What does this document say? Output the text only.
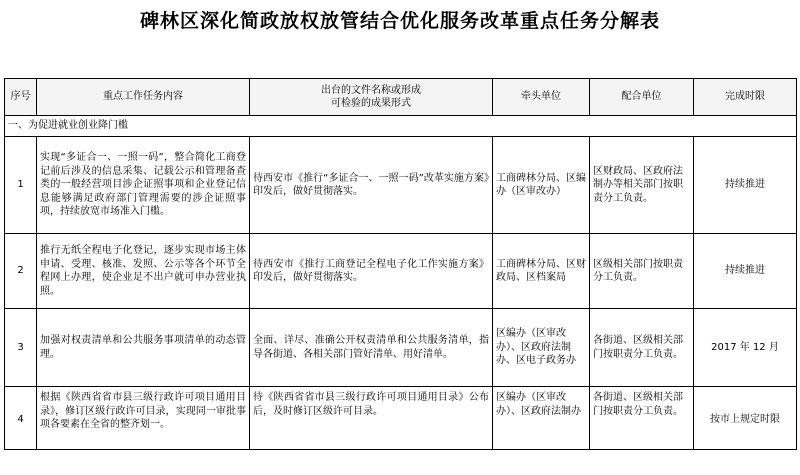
碑林区深化简政放权放管结合优化服务改革重点任务分解表
序号	重点工作任务内容	出台的文件名称或形成
可检验的成果形式	牵头单位	配合单位	完成时限
一、为促进就业创业降门槛					
1	实现“多证合一、一照一码”，整合简化工商登记前后涉及的信息采集、记载公示和管理备查类的一般经营项目涉企证照事项和企业登记信息能够满足政府部门管理需要的涉企证照事项，持续放宽市场准入门槛。	待西安市《推行“多证合一、一照一码”改革实施方案》印发后，做好贯彻落实。	工商碑林分局、区编办（区审改办）	区财政局、区政府法制办等相关部门按职责分工负责。	持续推进
2	推行无纸全程电子化登记，逐步实现市场主体申请、受理、核准、发照、公示等各个环节全程网上办理，使企业足不出户就可申办营业执照。	待西安市《推行工商登记全程电子化工作实施方案》印发后，做好贯彻落实。	工商碑林分局、区财政局、区档案局	区级相关部门按职责分工负责。	持续推进
3	加强对权责清单和公共服务事项清单的动态管理。	全面、详尽、准确公开权责清单和公共服务清单，指导各街道、各相关部门管好清单、用好清单。	区编办（区审改办）、区政府法制办、区电子政务办	各街道、区级相关部门按职责分工负责。	2017 年 12 月
4	根据《陕西省省市县三级行政许可项目通用目录》，修订区级行政许可目录，实现同一审批事项各要素在全省的整齐划一。	待《陕西省省市县三级行政许可项目通用目录》公布后，及时修订区级许可目录。	区编办（区审改办）、区政府法制办	各街道、区级相关部门按职责分工负责。	按市上规定时限
